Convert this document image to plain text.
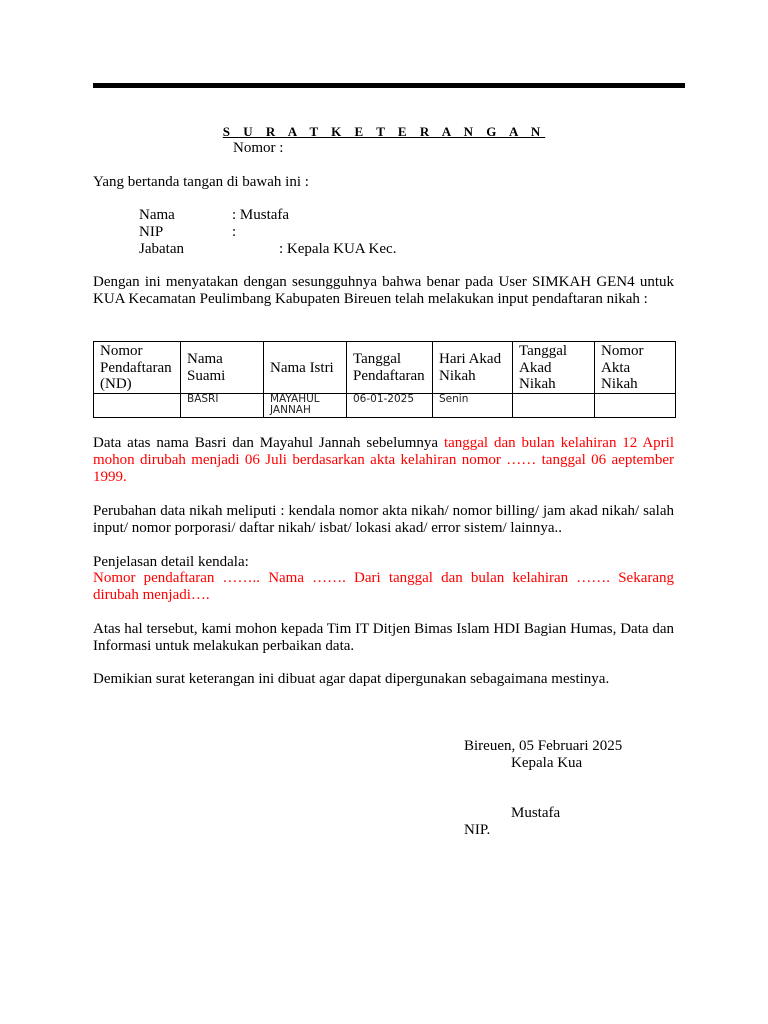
S U R A T K E T E R A N G A N
Nomor :
Yang bertanda tangan di bawah ini :
Nama	: Mustafa
NIP	:
Jabatan	: Kepala KUA Kec.
Dengan ini menyatakan dengan sesungguhnya bahwa benar pada User SIMKAH GEN4 untuk KUA Kecamatan Peulimbang Kabupaten Bireuen telah melakukan input pendaftaran nikah :
Nomor Pendaftaran (ND)	Nama Suami	Nama Istri	Tanggal Pendaftaran	Hari Akad Nikah	Tanggal Akad Nikah	Nomor Akta Nikah
	BASRI	MAYAHUL JANNAH	06-01-2025	Senin		
Data atas nama Basri dan Mayahul Jannah sebelumnya tanggal dan bulan kelahiran 12 April mohon dirubah menjadi 06 Juli berdasarkan akta kelahiran nomor …… tanggal 06 aeptember 1999.
Perubahan data nikah meliputi : kendala nomor akta nikah/ nomor billing/ jam akad nikah/ salah input/ nomor porporasi/ daftar nikah/ isbat/ lokasi akad/ error sistem/ lainnya..
Penjelasan detail kendala:
Nomor pendaftaran …….. Nama ……. Dari tanggal dan bulan kelahiran ……. Sekarang dirubah menjadi….
Atas hal tersebut, kami mohon kepada Tim IT Ditjen Bimas Islam HDI Bagian Humas, Data dan Informasi untuk melakukan perbaikan data.
Demikian surat keterangan ini dibuat agar dapat dipergunakan sebagaimana mestinya.
Bireuen, 05 Februari 2025
Kepala Kua
Mustafa
NIP.
